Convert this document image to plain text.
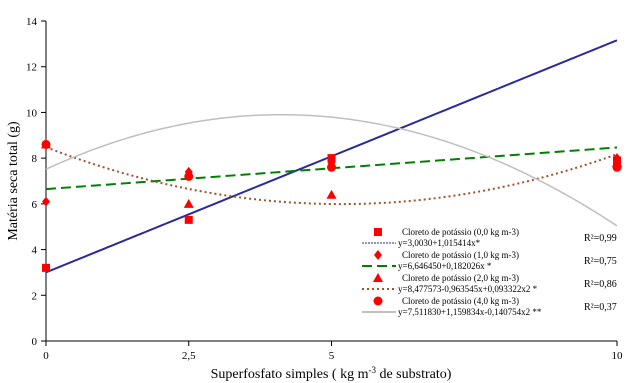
0
2
4
6
8
10
12
14
0	2,5	5	10
Matéria seca total (g)
Superfosfato simples ( kg $m^{-3}$ de substrato)
Cloreto de potássio (0,0 kg m-3)
y=3,0030+1,015414x*	R²=0,99
Cloreto de potássio (1,0 kg m-3)
y=6,646450+0,182026x *	R²=0,75
Cloreto de potássio (2,0 kg m-3)
y=8,477573-0,963545x+0,093322x2 *	R²=0,86
Cloreto de potássio (4,0 kg m-3)
y=7,511830+1,159834x-0,140754x2 **	R²=0,37
